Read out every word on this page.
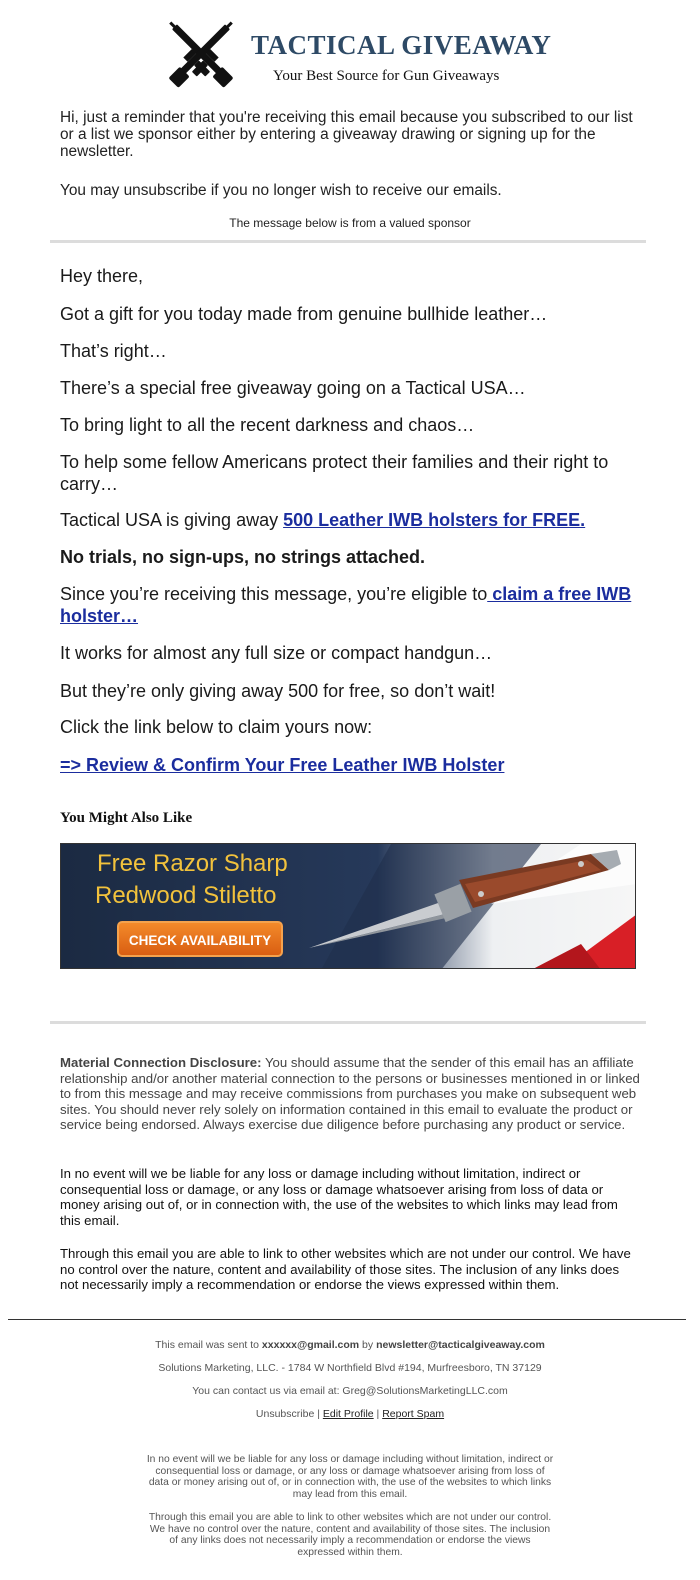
TACTICAL GIVEAWAY
Your Best Source for Gun Giveaways
Hi, just a reminder that you're receiving this email because you subscribed to our list or a list we sponsor either by entering a giveaway drawing or signing up for the newsletter.
You may unsubscribe if you no longer wish to receive our emails.
The message below is from a valued sponsor
Hey there,
Got a gift for you today made from genuine bullhide leather…
That’s right…
There’s a special free giveaway going on a Tactical USA…
To bring light to all the recent darkness and chaos…
To help some fellow Americans protect their families and their right to carry…
Tactical USA is giving away 500 Leather IWB holsters for FREE.
No trials, no sign-ups, no strings attached.
Since you’re receiving this message, you’re eligible to claim a free IWB holster…
It works for almost any full size or compact handgun…
But they’re only giving away 500 for free, so don’t wait!
Click the link below to claim yours now:
=> Review & Confirm Your Free Leather IWB Holster
You Might Also Like
Free Razor Sharp
Redwood Stiletto
CHECK AVAILABILITY
Material Connection Disclosure: You should assume that the sender of this email has an affiliate relationship and/or another material connection to the persons or businesses mentioned in or linked to from this message and may receive commissions from purchases you make on subsequent web sites. You should never rely solely on information contained in this email to evaluate the product or service being endorsed. Always exercise due diligence before purchasing any product or service.
In no event will we be liable for any loss or damage including without limitation, indirect or consequential loss or damage, or any loss or damage whatsoever arising from loss of data or money arising out of, or in connection with, the use of the websites to which links may lead from this email.
Through this email you are able to link to other websites which are not under our control. We have no control over the nature, content and availability of those sites. The inclusion of any links does not necessarily imply a recommendation or endorse the views expressed within them.
This email was sent to xxxxxx@gmail.com by newsletter@tacticalgiveaway.com
Solutions Marketing, LLC. - 1784 W Northfield Blvd #194, Murfreesboro, TN 37129
You can contact us via email at: Greg@SolutionsMarketingLLC.com
Unsubscribe | Edit Profile | Report Spam
In no event will we be liable for any loss or damage including without limitation, indirect or consequential loss or damage, or any loss or damage whatsoever arising from loss of data or money arising out of, or in connection with, the use of the websites to which links may lead from this email.
Through this email you are able to link to other websites which are not under our control. We have no control over the nature, content and availability of those sites. The inclusion of any links does not necessarily imply a recommendation or endorse the views expressed within them.
